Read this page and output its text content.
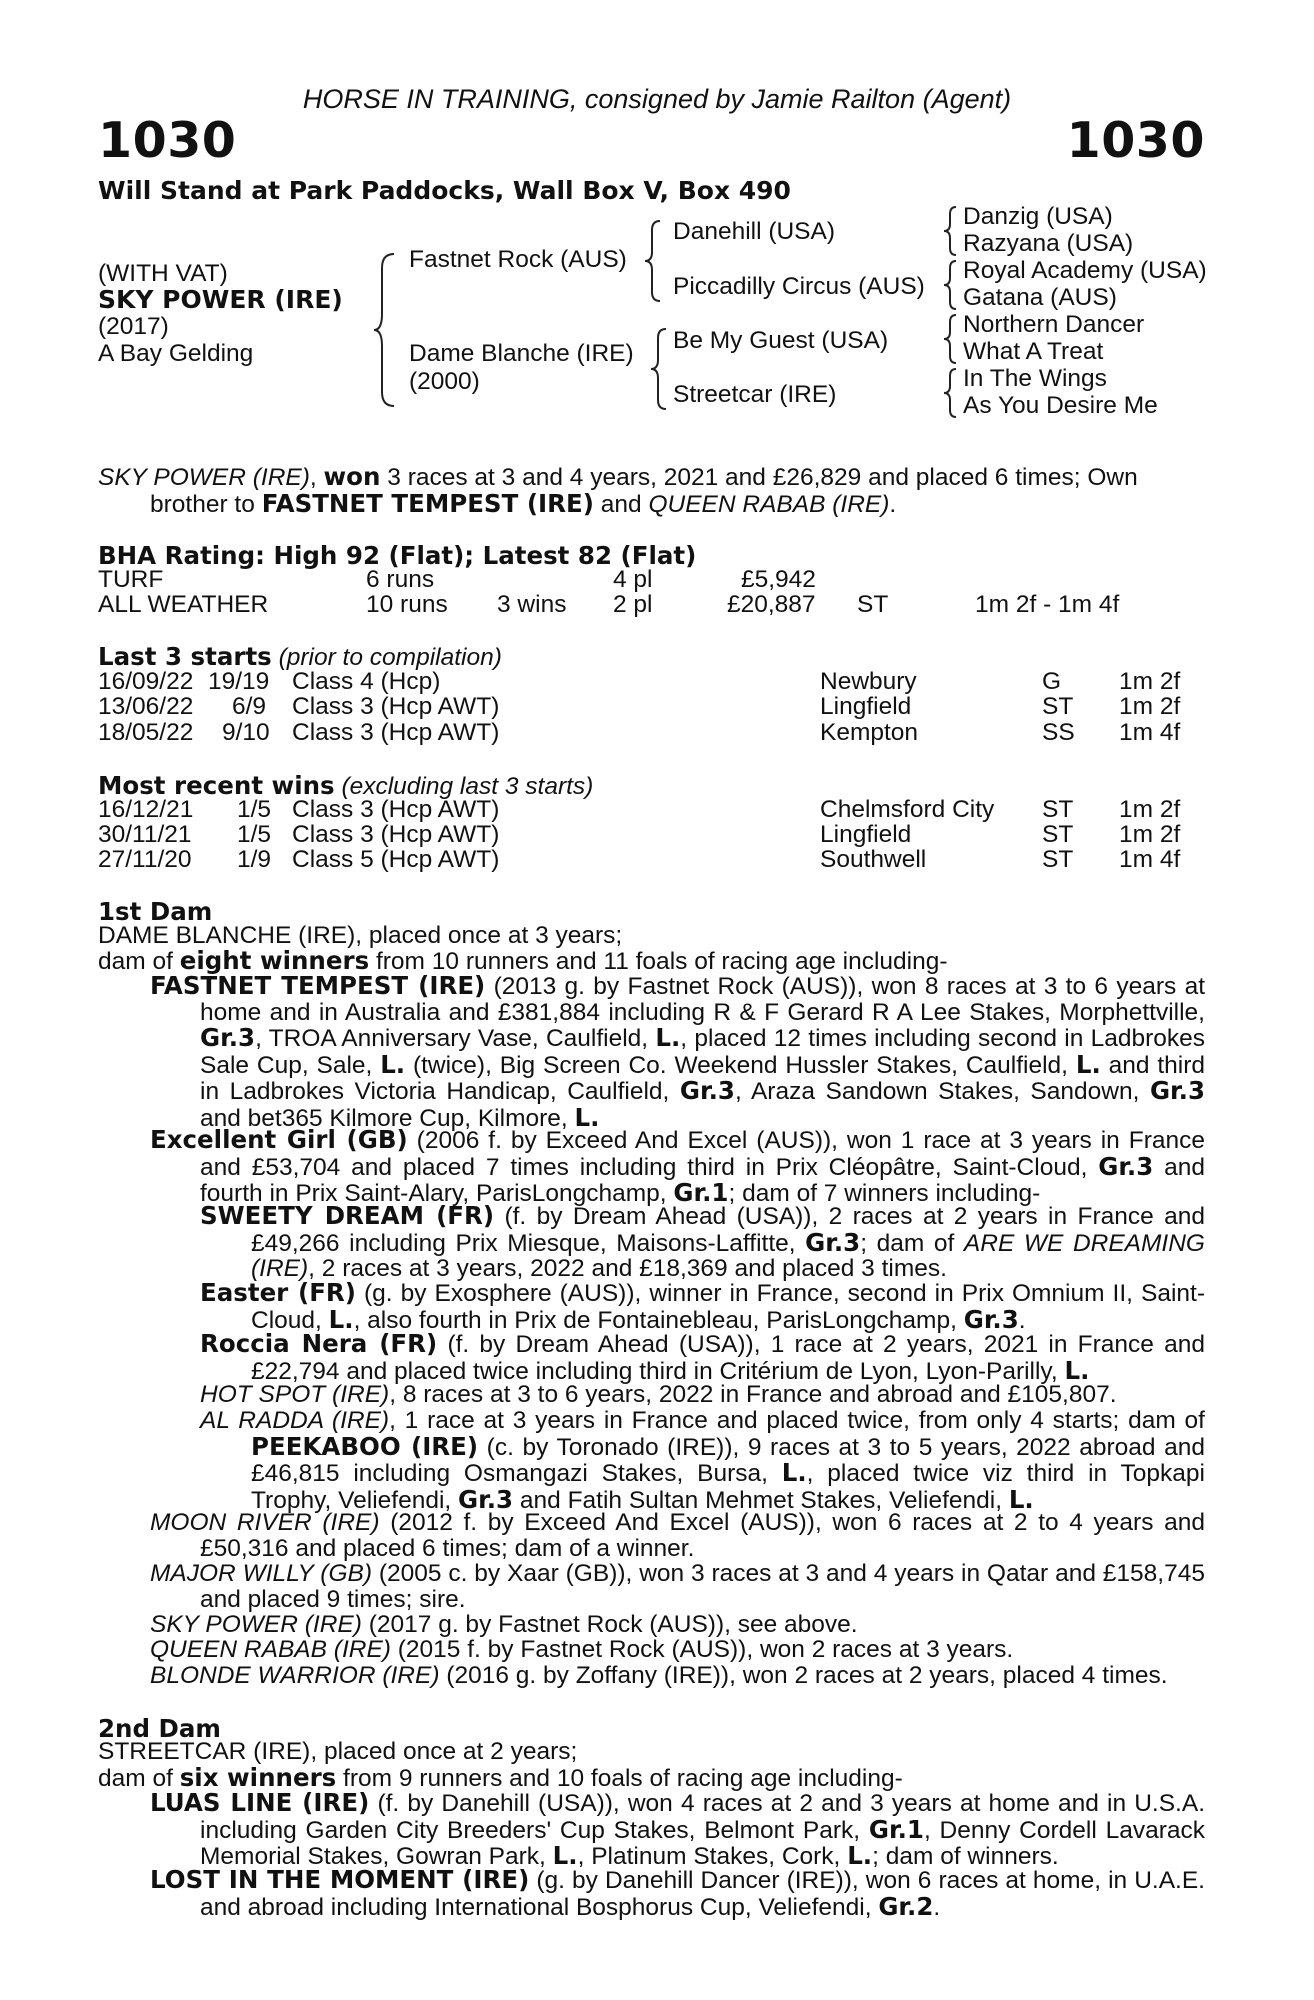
HORSE IN TRAINING, consigned by Jamie Railton (Agent)
1030	1030
Will Stand at Park Paddocks, Wall Box V, Box 490
(WITH VAT)
SKY POWER (IRE)
(2017)
A Bay Gelding
Fastnet Rock (AUS)
Dame Blanche (IRE)
(2000)
Danehill (USA)
Piccadilly Circus (AUS)
Be My Guest (USA)
Streetcar (IRE)
Danzig (USA)
Razyana (USA)
Royal Academy (USA)
Gatana (AUS)
Northern Dancer
What A Treat
In The Wings
As You Desire Me

SKY POWER (IRE), won 3 races at 3 and 4 years, 2021 and £26,829 and placed 6 times; Own brother to FASTNET TEMPEST (IRE) and QUEEN RABAB (IRE).

BHA Rating: High 92 (Flat); Latest 82 (Flat)
TURF	6 runs	4 pl	£5,942
ALL WEATHER	10 runs 3 wins 2 pl	£20,887 ST	1m 2f - 1m 4f
Last 3 starts (prior to compilation)
16/09/22 19/19 Class 4 (Hcp)	Newbury	G 1m 2f
13/06/22 6/9 Class 3 (Hcp AWT)	Lingfield	ST 1m 2f
18/05/22 9/10 Class 3 (Hcp AWT)	Kempton	SS 1m 4f
Most recent wins (excluding last 3 starts)
16/12/21 1/5 Class 3 (Hcp AWT)	Chelmsford City ST 1m 2f
30/11/21 1/5 Class 3 (Hcp AWT)	Lingfield	ST 1m 2f
27/11/20 1/9 Class 5 (Hcp AWT)	Southwell	ST 1m 4f
1st Dam
DAME BLANCHE (IRE), placed once at 3 years;
dam of eight winners from 10 runners and 11 foals of racing age including-

FASTNET TEMPEST (IRE) (2013 g. by Fastnet Rock (AUS)), won 8 races at 3 to 6 years at home and in Australia and £381,884 including R & F Gerard R A Lee Stakes, Morphettville, Gr.3, TROA Anniversary Vase, Caulfield, L., placed 12 times including second in Ladbrokes Sale Cup, Sale, L. (twice), Big Screen Co. Weekend Hussler Stakes, Caulfield, L. and third in Ladbrokes Victoria Handicap, Caulfield, Gr.3, Araza Sandown Stakes, Sandown, Gr.3 and bet365 Kilmore Cup, Kilmore, L.

Excellent Girl (GB) (2006 f. by Exceed And Excel (AUS)), won 1 race at 3 years in France and £53,704 and placed 7 times including third in Prix Cléopâtre, Saint-Cloud, Gr.3 and fourth in Prix Saint-Alary, ParisLongchamp, Gr.1; dam of 7 winners including-

SWEETY DREAM (FR) (f. by Dream Ahead (USA)), 2 races at 2 years in France and £49,266 including Prix Miesque, Maisons-Laffitte, Gr.3; dam of ARE WE DREAMING (IRE), 2 races at 3 years, 2022 and £18,369 and placed 3 times.

Easter (FR) (g. by Exosphere (AUS)), winner in France, second in Prix Omnium II, Saint-Cloud, L., also fourth in Prix de Fontainebleau, ParisLongchamp, Gr.3.

Roccia Nera (FR) (f. by Dream Ahead (USA)), 1 race at 2 years, 2021 in France and £22,794 and placed twice including third in Critérium de Lyon, Lyon-Parilly, L.

HOT SPOT (IRE), 8 races at 3 to 6 years, 2022 in France and abroad and £105,807.

AL RADDA (IRE), 1 race at 3 years in France and placed twice, from only 4 starts; dam of PEEKABOO (IRE) (c. by Toronado (IRE)), 9 races at 3 to 5 years, 2022 abroad and £46,815 including Osmangazi Stakes, Bursa, L., placed twice viz third in Topkapi Trophy, Veliefendi, Gr.3 and Fatih Sultan Mehmet Stakes, Veliefendi, L.

MOON RIVER (IRE) (2012 f. by Exceed And Excel (AUS)), won 6 races at 2 to 4 years and £50,316 and placed 6 times; dam of a winner.

MAJOR WILLY (GB) (2005 c. by Xaar (GB)), won 3 races at 3 and 4 years in Qatar and £158,745 and placed 9 times; sire.

SKY POWER (IRE) (2017 g. by Fastnet Rock (AUS)), see above.

QUEEN RABAB (IRE) (2015 f. by Fastnet Rock (AUS)), won 2 races at 3 years.

BLONDE WARRIOR (IRE) (2016 g. by Zoffany (IRE)), won 2 races at 2 years, placed 4 times.

2nd Dam
STREETCAR (IRE), placed once at 2 years;
dam of six winners from 9 runners and 10 foals of racing age including-

LUAS LINE (IRE) (f. by Danehill (USA)), won 4 races at 2 and 3 years at home and in U.S.A. including Garden City Breeders' Cup Stakes, Belmont Park, Gr.1, Denny Cordell Lavarack Memorial Stakes, Gowran Park, L., Platinum Stakes, Cork, L.; dam of winners.

LOST IN THE MOMENT (IRE) (g. by Danehill Dancer (IRE)), won 6 races at home, in U.A.E. and abroad including International Bosphorus Cup, Veliefendi, Gr.2.
